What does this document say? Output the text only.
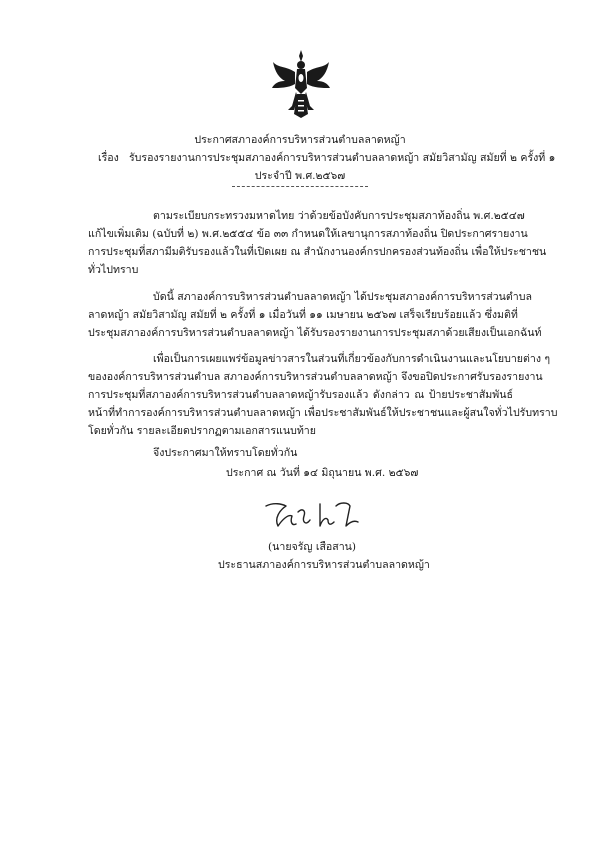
ประกาศสภาองค์การบริหารส่วนตำบลลาดหญ้า
เรื่อง รับรองรายงานการประชุมสภาองค์การบริหารส่วนตำบลลาดหญ้า สมัยวิสามัญ สมัยที่ ๒ ครั้งที่ ๑
ประจำปี พ.ศ.๒๕๖๗
ตามระเบียบกระทรวงมหาดไทย ว่าด้วยข้อบังคับการประชุมสภาท้องถิ่น พ.ศ.๒๕๔๗
แก้ไขเพิ่มเติม (ฉบับที่ ๒) พ.ศ.๒๕๕๔ ข้อ ๓๓ กำหนดให้เลขานุการสภาท้องถิ่น ปิดประกาศรายงาน
การประชุมที่สภามีมติรับรองแล้วในที่เปิดเผย ณ สำนักงานองค์กรปกครองส่วนท้องถิ่น เพื่อให้ประชาชน
ทั่วไปทราบ
บัดนี้ สภาองค์การบริหารส่วนตำบลลาดหญ้า ได้ประชุมสภาองค์การบริหารส่วนตำบล
ลาดหญ้า สมัยวิสามัญ สมัยที่ ๒ ครั้งที่ ๑ เมื่อวันที่ ๑๑ เมษายน ๒๕๖๗ เสร็จเรียบร้อยแล้ว ซึ่งมติที่
ประชุมสภาองค์การบริหารส่วนตำบลลาดหญ้า ได้รับรองรายงานการประชุมสภาด้วยเสียงเป็นเอกฉันท์
เพื่อเป็นการเผยแพร่ข้อมูลข่าวสารในส่วนที่เกี่ยวข้องกับการดำเนินงานและนโยบายต่าง ๆ
ขององค์การบริหารส่วนตำบล สภาองค์การบริหารส่วนตำบลลาดหญ้า จึงขอปิดประกาศรับรองรายงาน
การประชุมที่สภาองค์การบริหารส่วนตำบลลาดหญ้ารับรองแล้ว ดังกล่าว ณ ป้ายประชาสัมพันธ์
หน้าที่ทำการองค์การบริหารส่วนตำบลลาดหญ้า เพื่อประชาสัมพันธ์ให้ประชาชนและผู้สนใจทั่วไปรับทราบ
โดยทั่วกัน รายละเอียดปรากฏตามเอกสารแนบท้าย
จึงประกาศมาให้ทราบโดยทั่วกัน
ประกาศ ณ วันที่ ๑๔ มิถุนายน พ.ศ. ๒๕๖๗
(นายจรัญ เสือสาน)
ประธานสภาองค์การบริหารส่วนตำบลลาดหญ้า
